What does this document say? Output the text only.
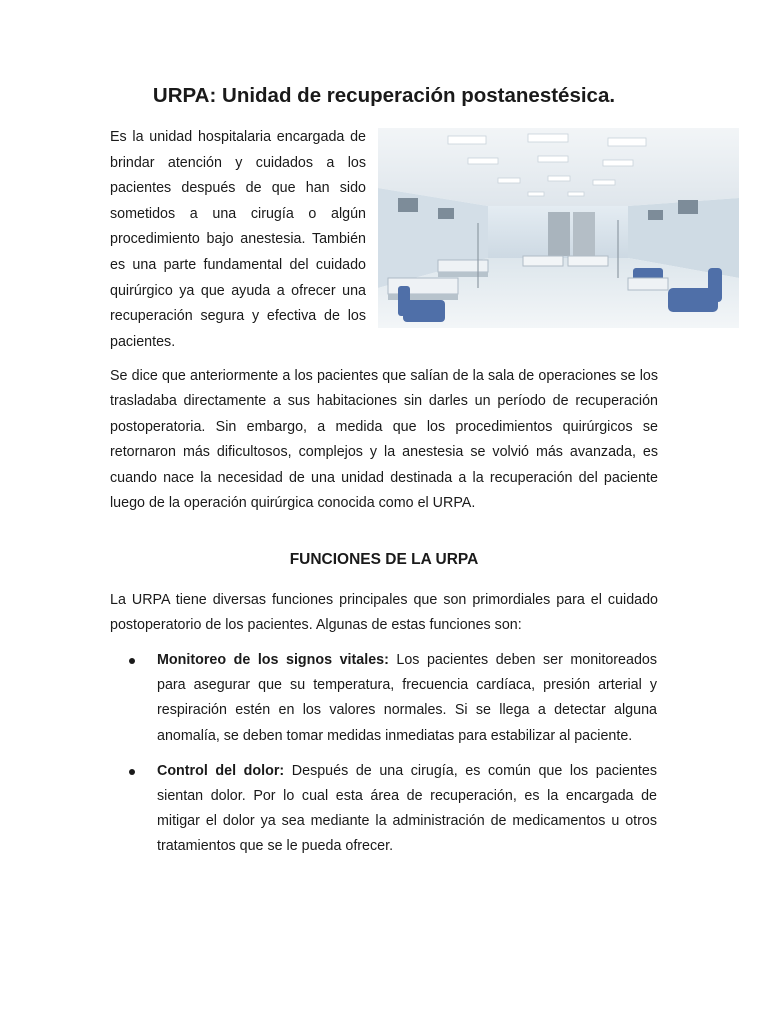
URPA: Unidad de recuperación postanestésica.

Es la unidad hospitalaria encargada de brindar atención y cuidados a los pacientes después de que han sido sometidos a una cirugía o algún procedimiento bajo anestesia. También es una parte fundamental del cuidado quirúrgico ya que ayuda a ofrecer una recuperación segura y efectiva de los pacientes.

Se dice que anteriormente a los pacientes que salían de la sala de operaciones se los trasladaba directamente a sus habitaciones sin darles un período de recuperación postoperatoria. Sin embargo, a medida que los procedimientos quirúrgicos se retornaron más dificultosos, complejos y la anestesia se volvió más avanzada, es cuando nace la necesidad de una unidad destinada a la recuperación del paciente luego de la operación quirúrgica conocida como el URPA.

FUNCIONES DE LA URPA

La URPA tiene diversas funciones principales que son primordiales para el cuidado postoperatorio de los pacientes. Algunas de estas funciones son:

Monitoreo de los signos vitales: Los pacientes deben ser monitoreados para asegurar que su temperatura, frecuencia cardíaca, presión arterial y respiración estén en los valores normales. Si se llega a detectar alguna anomalía, se deben tomar medidas inmediatas para estabilizar al paciente.
Control del dolor: Después de una cirugía, es común que los pacientes sientan dolor. Por lo cual esta área de recuperación, es la encargada de mitigar el dolor ya sea mediante la administración de medicamentos u otros tratamientos que se le pueda ofrecer.
